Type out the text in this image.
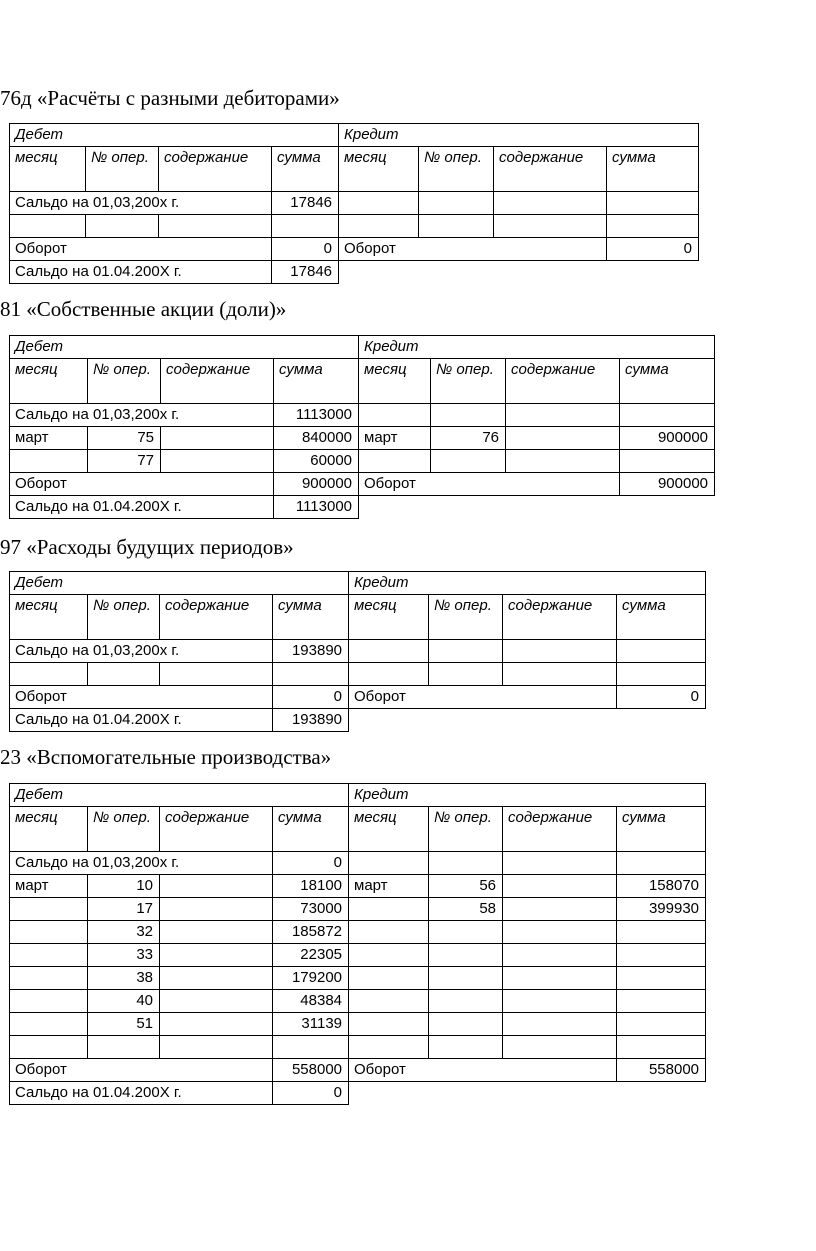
76д «Расчёты с разными дебиторами»
Дебет				Кредит			
месяц	№ опер.	содержание	сумма	месяц	№ опер.	содержание	сумма
Сальдо на 01,03,200х г.			17846				

Оборот			0	Оборот			0
Сальдо на 01.04.200Х г.			17846				
81 «Собственные акции (доли)»
Дебет				Кредит			
месяц	№ опер.	содержание	сумма	месяц	№ опер.	содержание	сумма
Сальдо на 01,03,200х г.			1113000				
март	75		840000	март	76		900000
	77		60000				
Оборот			900000	Оборот			900000
Сальдо на 01.04.200Х г.			1113000				
97 «Расходы будущих периодов»
Дебет				Кредит			
месяц	№ опер.	содержание	сумма	месяц	№ опер.	содержание	сумма
Сальдо на 01,03,200х г.			193890				

Оборот			0	Оборот			0
Сальдо на 01.04.200Х г.			193890				
23 «Вспомогательные производства»
Дебет				Кредит			
месяц	№ опер.	содержание	сумма	месяц	№ опер.	содержание	сумма
Сальдо на 01,03,200х г.			0				
март	10		18100	март	56		158070
	17		73000		58		399930
	32		185872				
	33		22305				
	38		179200				
	40		48384				
	51		31139				

Оборот			558000	Оборот			558000
Сальдо на 01.04.200Х г.			0				
